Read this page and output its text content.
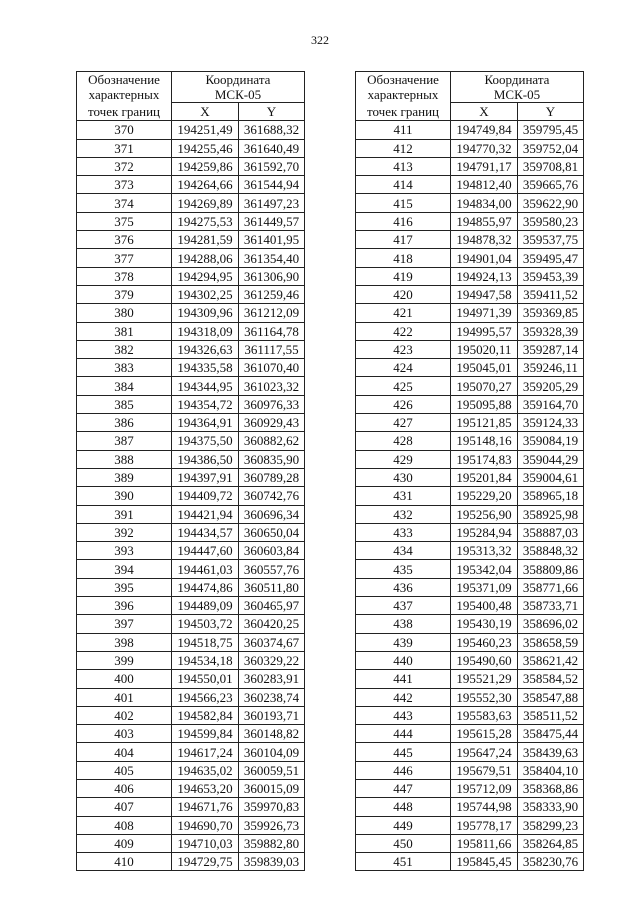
322
Обозначение
характерных	Координата
МСК-05	
точек границ	X	Y
370	194251,49	361688,32
371	194255,46	361640,49
372	194259,86	361592,70
373	194264,66	361544,94
374	194269,89	361497,23
375	194275,53	361449,57
376	194281,59	361401,95
377	194288,06	361354,40
378	194294,95	361306,90
379	194302,25	361259,46
380	194309,96	361212,09
381	194318,09	361164,78
382	194326,63	361117,55
383	194335,58	361070,40
384	194344,95	361023,32
385	194354,72	360976,33
386	194364,91	360929,43
387	194375,50	360882,62
388	194386,50	360835,90
389	194397,91	360789,28
390	194409,72	360742,76
391	194421,94	360696,34
392	194434,57	360650,04
393	194447,60	360603,84
394	194461,03	360557,76
395	194474,86	360511,80
396	194489,09	360465,97
397	194503,72	360420,25
398	194518,75	360374,67
399	194534,18	360329,22
400	194550,01	360283,91
401	194566,23	360238,74
402	194582,84	360193,71
403	194599,84	360148,82
404	194617,24	360104,09
405	194635,02	360059,51
406	194653,20	360015,09
407	194671,76	359970,83
408	194690,70	359926,73
409	194710,03	359882,80
410	194729,75	359839,03
Обозначение
характерных	Координата
МСК-05	
точек границ	X	Y
411	194749,84	359795,45
412	194770,32	359752,04
413	194791,17	359708,81
414	194812,40	359665,76
415	194834,00	359622,90
416	194855,97	359580,23
417	194878,32	359537,75
418	194901,04	359495,47
419	194924,13	359453,39
420	194947,58	359411,52
421	194971,39	359369,85
422	194995,57	359328,39
423	195020,11	359287,14
424	195045,01	359246,11
425	195070,27	359205,29
426	195095,88	359164,70
427	195121,85	359124,33
428	195148,16	359084,19
429	195174,83	359044,29
430	195201,84	359004,61
431	195229,20	358965,18
432	195256,90	358925,98
433	195284,94	358887,03
434	195313,32	358848,32
435	195342,04	358809,86
436	195371,09	358771,66
437	195400,48	358733,71
438	195430,19	358696,02
439	195460,23	358658,59
440	195490,60	358621,42
441	195521,29	358584,52
442	195552,30	358547,88
443	195583,63	358511,52
444	195615,28	358475,44
445	195647,24	358439,63
446	195679,51	358404,10
447	195712,09	358368,86
448	195744,98	358333,90
449	195778,17	358299,23
450	195811,66	358264,85
451	195845,45	358230,76
